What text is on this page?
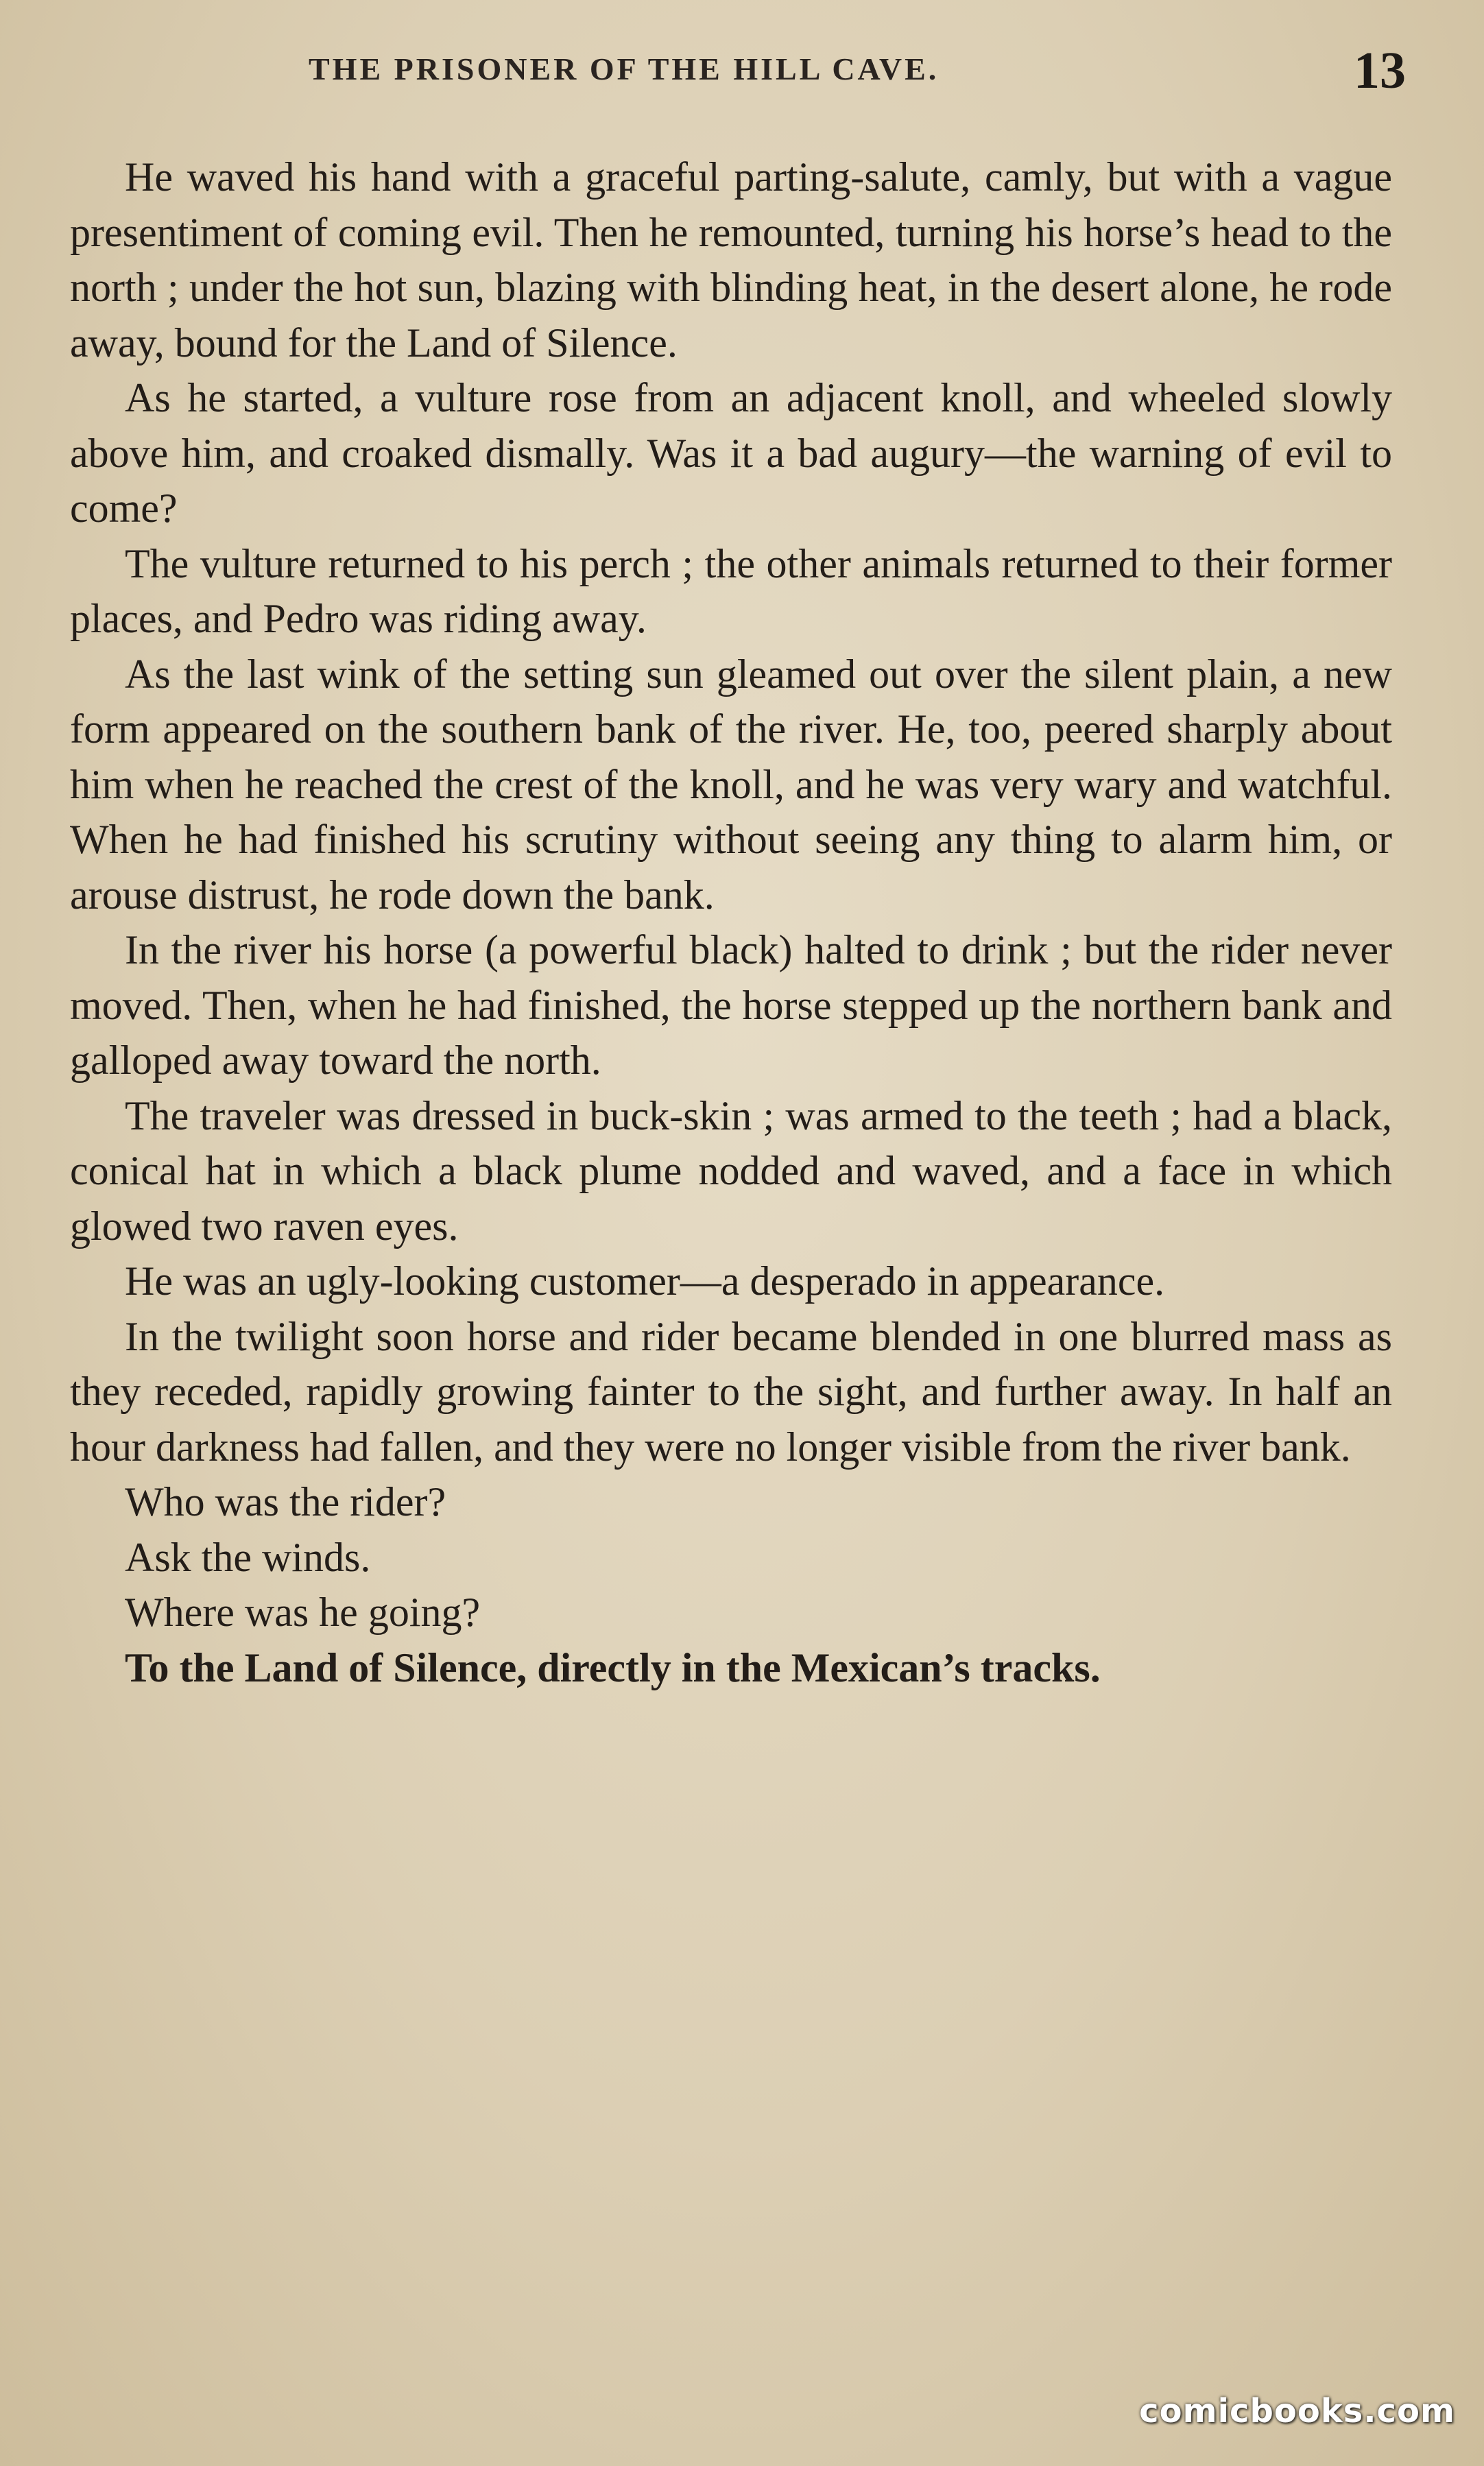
THE PRISONER OF THE HILL CAVE.	13

He waved his hand with a graceful parting-salute, camly, but with a vague presentiment of coming evil. Then he remounted, turning his horse’s head to the north ; under the hot sun, blazing with blinding heat, in the desert alone, he rode away, bound for the Land of Silence.

As he started, a vulture rose from an adjacent knoll, and wheeled slowly above him, and croaked dismally. Was it a bad augury—the warning of evil to come?

The vulture returned to his perch ; the other animals returned to their former places, and Pedro was riding away.

As the last wink of the setting sun gleamed out over the silent plain, a new form appeared on the southern bank of the river. He, too, peered sharply about him when he reached the crest of the knoll, and he was very wary and watchful. When he had finished his scrutiny without seeing any thing to alarm him, or arouse distrust, he rode down the bank.

In the river his horse (a powerful black) halted to drink ; but the rider never moved. Then, when he had finished, the horse stepped up the northern bank and galloped away toward the north.

The traveler was dressed in buck-skin ; was armed to the teeth ; had a black, conical hat in which a black plume nodded and waved, and a face in which glowed two raven eyes.

He was an ugly-looking customer—a desperado in appearance.

In the twilight soon horse and rider became blended in one blurred mass as they receded, rapidly growing fainter to the sight, and further away. In half an hour darkness had fallen, and they were no longer visible from the river bank.

Who was the rider?

Ask the winds.

Where was he going?

To the Land of Silence, directly in the Mexican’s tracks.

comicbooks.com
